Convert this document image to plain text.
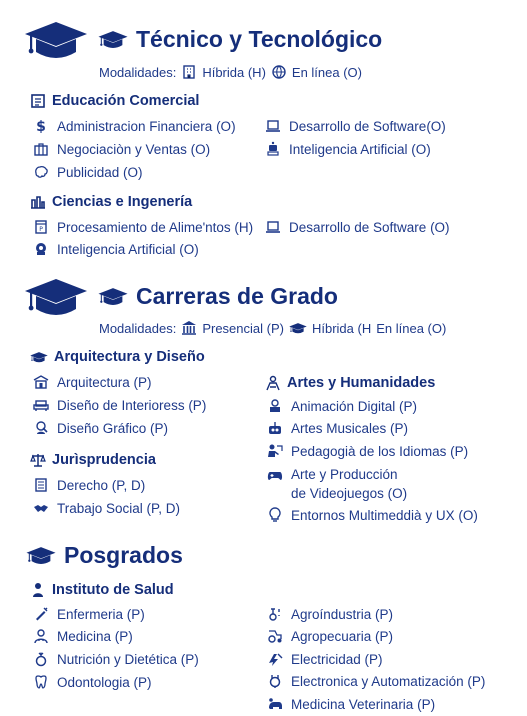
Técnico y Tecnológico
Modalidades: Híbrida (H) En línea (O)
Educación Comercial
$ Administracion Financiera (O)	Desarrollo de Software(O)
Negociaciòn y Ventas (O)	Inteligencia Artificial (O)
Publicidad (O)
Ciencias e Ingenería
P Procesamiento de Alime'ntos (H)	Desarrollo de Software (O)
Inteligencia Artificial (O)
Carreras de Grado
Modalidades: Presencial (P) Híbrida (H En línea (O)
Arquitectura y Diseño
Arquitectura (P)
Diseño de Interioress (P)
Diseño Gráfico (P)
Jurìsprudencia
Derecho (P, D)
Trabajo Social (P, D)
Artes y Humanidades
Animación Digital (P)
Artes Musicales (P)
Pedagogià de los Idiomas (P)
Arte y Producción
de Videojuegos (O)
Entornos Multimeddià y UX (O)
Posgrados
Instituto de Salud
Enfermeria (P)
Medicina (P)
Nutrición y Dietética (P)
Odontologia (P)
Agroíndustria (P)
Agropecuaria (P)
Electricidad (P)
Electronica y Automatización (P)
Medicina Veterinaria (P)
